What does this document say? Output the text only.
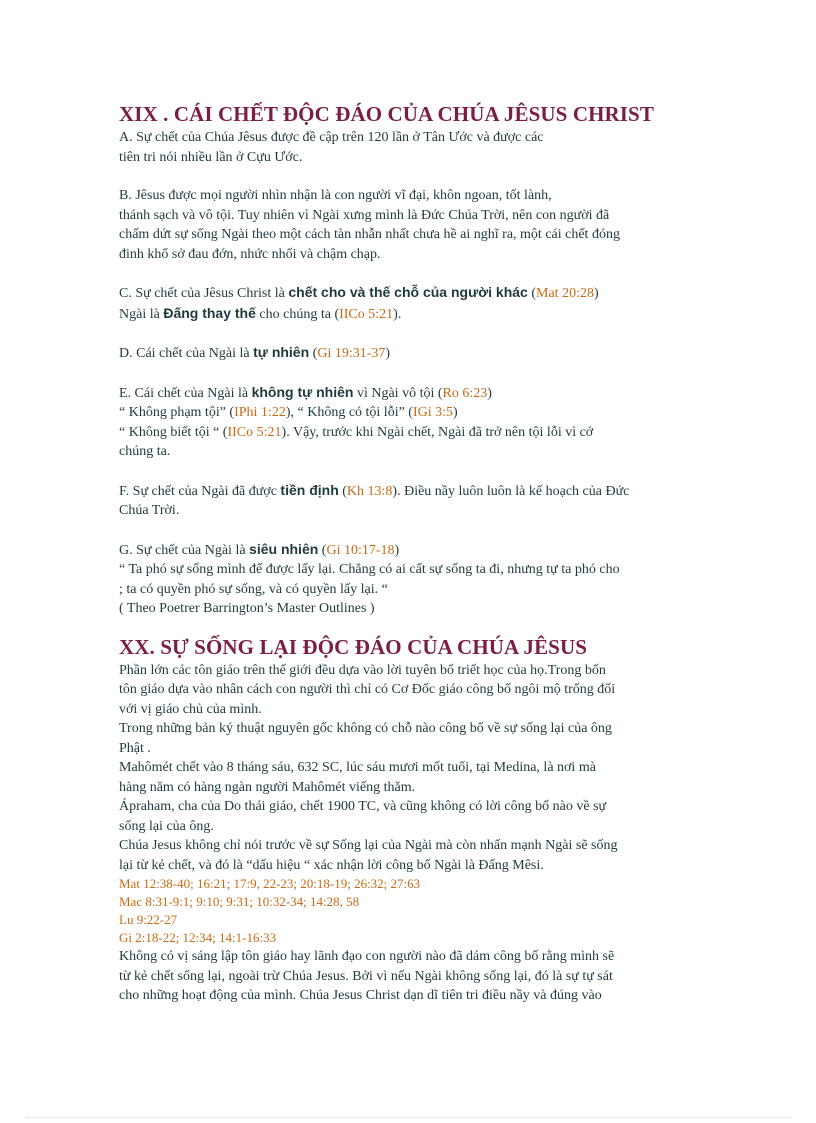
XIX . CÁI CHẾT ĐỘC ĐÁO CỦA CHÚA JÊSUS CHRIST

A. Sự chết của Chúa Jêsus được đề cập trên 120 lần ở Tân Ước và được các

tiên tri nói nhiều lần ở Cựu Ước.

B. Jêsus được mọi người nhìn nhận là con người vĩ đại, khôn ngoan, tốt lành,

thánh sạch và vô tội. Tuy nhiên vì Ngài xưng mình là Đức Chúa Trời, nên con người đã

chấm dứt sự sống Ngài theo một cách tàn nhẫn nhất chưa hề ai nghĩ ra, một cái chết đóng

đinh khổ sở đau đớn, nhức nhối và chậm chạp.

C. Sự chết của Jêsus Christ là chết cho và thế chỗ của người khác (Mat 20:28)

Ngài là Đấng thay thế cho chúng ta (IICo 5:21).

D. Cái chết của Ngài là tự nhiên (Gi 19:31-37)

E. Cái chết của Ngài là không tự nhiên vì Ngài vô tội (Ro 6:23)

“ Không phạm tội” (IPhi 1:22), “ Không có tội lỗi” (IGi 3:5)

“ Không biết tội “ (IICo 5:21). Vậy, trước khi Ngài chết, Ngài đã trở nên tội lỗi vì cớ

chúng ta.

F. Sự chết của Ngài đã được tiền định (Kh 13:8). Điều nầy luôn luôn là kế hoạch của Đức

Chúa Trời.

G. Sự chết của Ngài là siêu nhiên (Gi 10:17-18)

“ Ta phó sự sống mình để được lấy lại. Chẳng có ai cất sự sống ta đi, nhưng tự ta phó cho

; ta có quyền phó sự sống, và có quyền lấy lại. “

( Theo Poetrer Barrington’s Master Outlines )

XX. SỰ SỐNG LẠI ĐỘC ĐÁO CỦA CHÚA JÊSUS

Phần lớn các tôn giáo trên thế giới đều dựa vào lời tuyên bố triết học của họ.Trong bốn

tôn giáo dựa vào nhân cách con người thì chỉ có Cơ Đốc giáo công bố ngôi mộ trống đối

với vị giáo chủ của mình.

Trong những bản ký thuật nguyên gốc không có chỗ nào công bố về sự sống lại của ông

Phật .

Mahômét chết vào 8 tháng sáu, 632 SC, lúc sáu mươi mốt tuổi, tại Medina, là nơi mà

hàng năm có hàng ngàn người Mahômét viếng thăm.

Ápraham, cha của Do thái giáo, chết 1900 TC, và cũng không có lời công bố nào về sự

sống lại của ông.

Chúa Jesus không chỉ nói trước về sự Sống lại của Ngài mà còn nhấn mạnh Ngài sẽ sống

lại từ kẻ chết, và đó là “dấu hiệu “ xác nhận lời công bố Ngài là Đấng Mêsi.

Mat 12:38-40; 16:21; 17:9, 22-23; 20:18-19; 26:32; 27:63

Mac 8:31-9:1; 9:10; 9:31; 10:32-34; 14:28, 58

Lu 9:22-27

Gi 2:18-22; 12:34; 14:1-16:33

Không có vị sáng lập tôn giáo hay lãnh đạo con người nào đã dám công bố rằng mình sẽ

từ kẻ chết sống lại, ngoài trừ Chúa Jesus. Bởi vì nếu Ngài không sống lại, đó là sự tự sát

cho những hoạt động của mình. Chúa Jesus Christ dạn dĩ tiên tri điều nầy và đúng vào
